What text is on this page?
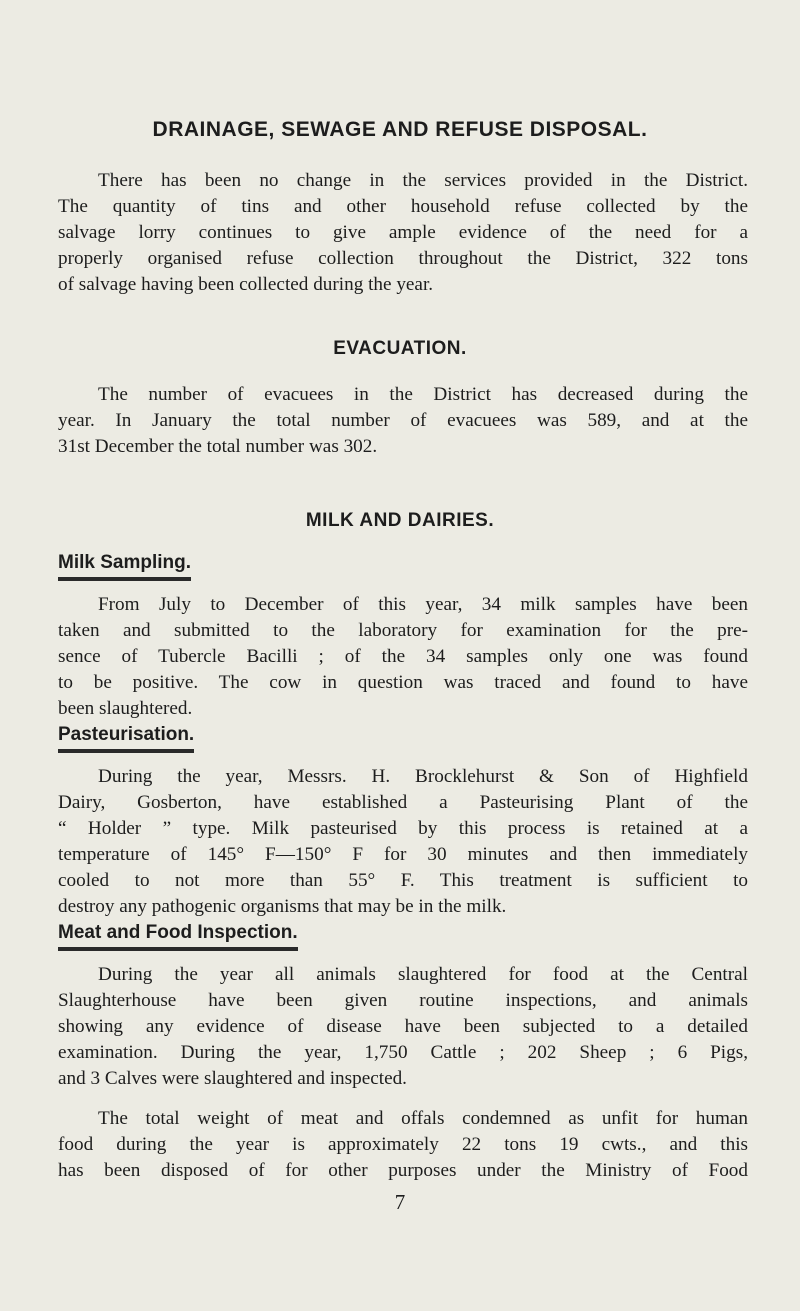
DRAINAGE, SEWAGE AND REFUSE DISPOSAL.
There has been no change in the services provided in the District.
The quantity of tins and other household refuse collected by the
salvage lorry continues to give ample evidence of the need for a
properly organised refuse collection throughout the District, 322 tons
of salvage having been collected during the year.
EVACUATION.
The number of evacuees in the District has decreased during the
year. In January the total number of evacuees was 589, and at the
31st December the total number was 302.
MILK AND DAIRIES.
Milk Sampling.
From July to December of this year, 34 milk samples have been
taken and submitted to the laboratory for examination for the pre-
sence of Tubercle Bacilli ; of the 34 samples only one was found
to be positive. The cow in question was traced and found to have
been slaughtered.
Pasteurisation.
During the year, Messrs. H. Brocklehurst & Son of Highfield
Dairy, Gosberton, have established a Pasteurising Plant of the
“ Holder ” type. Milk pasteurised by this process is retained at a
temperature of 145° F—150° F for 30 minutes and then immediately
cooled to not more than 55° F. This treatment is sufficient to
destroy any pathogenic organisms that may be in the milk.
Meat and Food Inspection.
During the year all animals slaughtered for food at the Central
Slaughterhouse have been given routine inspections, and animals
showing any evidence of disease have been subjected to a detailed
examination. During the year, 1,750 Cattle ; 202 Sheep ; 6 Pigs,
and 3 Calves were slaughtered and inspected.
The total weight of meat and offals condemned as unfit for human
food during the year is approximately 22 tons 19 cwts., and this
has been disposed of for other purposes under the Ministry of Food
7
